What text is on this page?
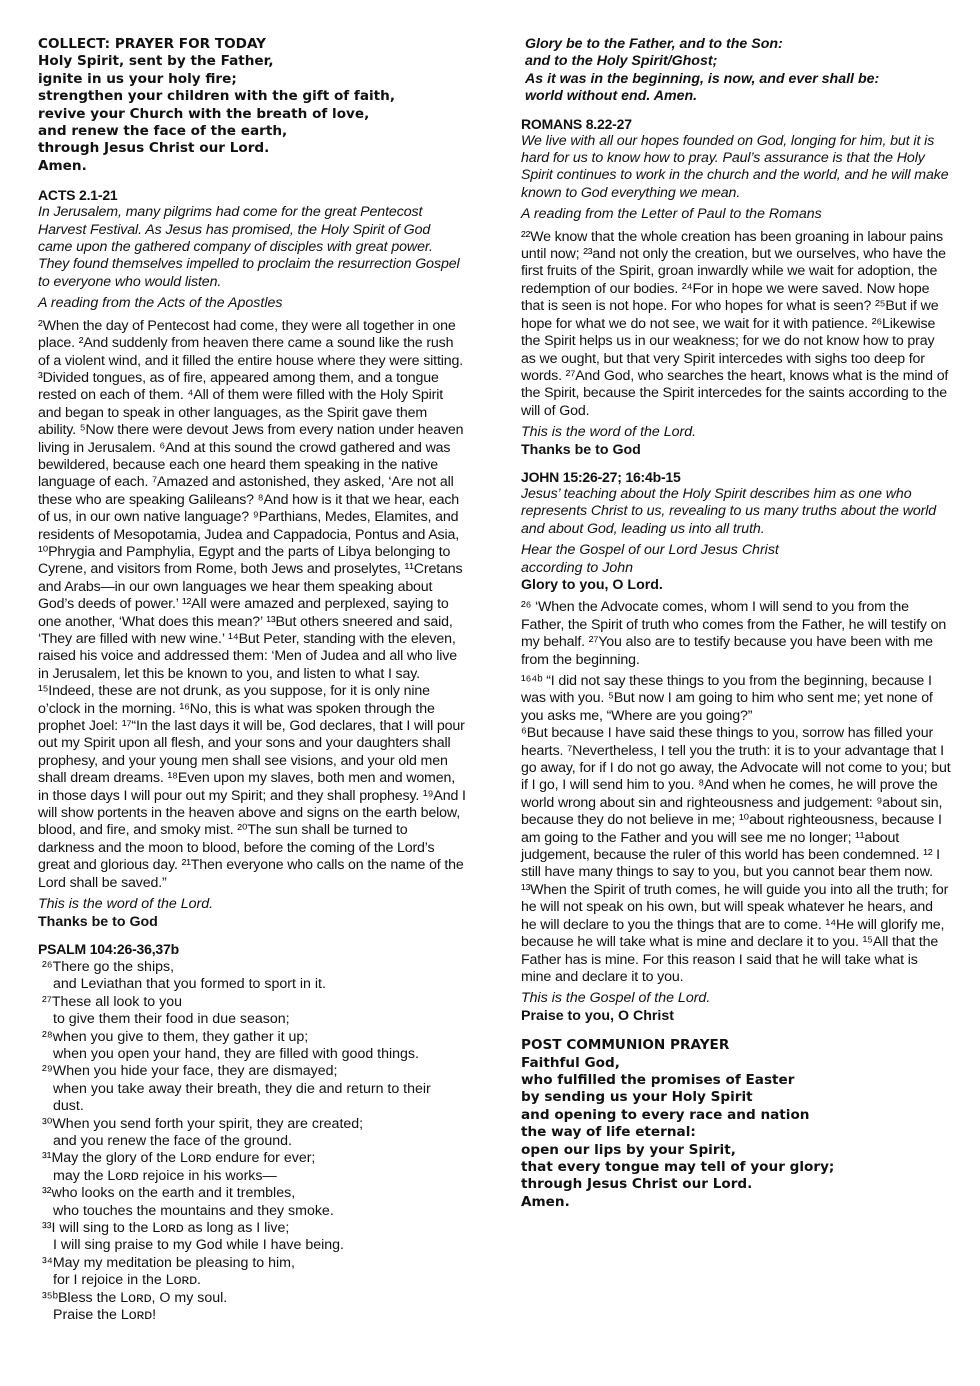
COLLECT: PRAYER FOR TODAY
Holy Spirit, sent by the Father,
ignite in us your holy fire;
strengthen your children with the gift of faith,
revive your Church with the breath of love,
and renew the face of the earth,
through Jesus Christ our Lord.
Amen.
ACTS 2.1-21
In Jerusalem, many pilgrims had come for the great Pentecost Harvest Festival. As Jesus has promised, the Holy Spirit of God came upon the gathered company of disciples with great power. They found themselves impelled to proclaim the resurrection Gospel to everyone who would listen.
A reading from the Acts of the Apostles

²When the day of Pentecost had come, they were all together in one place. ²And suddenly from heaven there came a sound like the rush of a violent wind, and it filled the entire house where they were sitting. ³Divided tongues, as of fire, appeared among them, and a tongue rested on each of them. ⁴All of them were filled with the Holy Spirit and began to speak in other languages, as the Spirit gave them ability. ⁵Now there were devout Jews from every nation under heaven living in Jerusalem. ⁶And at this sound the crowd gathered and was bewildered, because each one heard them speaking in the native language of each. ⁷Amazed and astonished, they asked, ‘Are not all these who are speaking Galileans? ⁸And how is it that we hear, each of us, in our own native language? ⁹Parthians, Medes, Elamites, and residents of Mesopotamia, Judea and Cappadocia, Pontus and Asia, ¹⁰Phrygia and Pamphylia, Egypt and the parts of Libya belonging to Cyrene, and visitors from Rome, both Jews and proselytes, ¹¹Cretans and Arabs—in our own languages we hear them speaking about God’s deeds of power.’ ¹²All were amazed and perplexed, saying to one another, ‘What does this mean?’ ¹³But others sneered and said, ‘They are filled with new wine.’ ¹⁴But Peter, standing with the eleven, raised his voice and addressed them: ‘Men of Judea and all who live in Jerusalem, let this be known to you, and listen to what I say. ¹⁵Indeed, these are not drunk, as you suppose, for it is only nine o’clock in the morning. ¹⁶No, this is what was spoken through the prophet Joel: ¹⁷“In the last days it will be, God declares, that I will pour out my Spirit upon all flesh, and your sons and your daughters shall prophesy, and your young men shall see visions, and your old men shall dream dreams. ¹⁸Even upon my slaves, both men and women, in those days I will pour out my Spirit; and they shall prophesy. ¹⁹And I will show portents in the heaven above and signs on the earth below, blood, and fire, and smoky mist. ²⁰The sun shall be turned to darkness and the moon to blood, before the coming of the Lord’s great and glorious day. ²¹Then everyone who calls on the name of the Lord shall be saved.”

This is the word of the Lord.
Thanks be to God
PSALM 104:26-36,37b
²⁶There go the ships,
and Leviathan that you formed to sport in it.
²⁷These all look to you
to give them their food in due season;
²⁸when you give to them, they gather it up;
when you open your hand, they are filled with good things.
²⁹When you hide your face, they are dismayed;
when you take away their breath, they die and return to their
dust.
³⁰When you send forth your spirit, they are created;
and you renew the face of the ground.
³¹May the glory of the Lᴏʀᴅ endure for ever;
may the Lᴏʀᴅ rejoice in his works—
³²who looks on the earth and it trembles,
who touches the mountains and they smoke.
³³I will sing to the Lᴏʀᴅ as long as I live;
I will sing praise to my God while I have being.
³⁴May my meditation be pleasing to him,
for I rejoice in the Lᴏʀᴅ.
³⁵ᵇBless the Lᴏʀᴅ, O my soul.
Praise the Lᴏʀᴅ!
Glory be to the Father, and to the Son:
and to the Holy Spirit/Ghost;
As it was in the beginning, is now, and ever shall be:
world without end. Amen.
ROMANS 8.22-27
We live with all our hopes founded on God, longing for him, but it is hard for us to know how to pray. Paul’s assurance is that the Holy Spirit continues to work in the church and the world, and he will make known to God everything we mean.
A reading from the Letter of Paul to the Romans

²²We know that the whole creation has been groaning in labour pains until now; ²³and not only the creation, but we ourselves, who have the first fruits of the Spirit, groan inwardly while we wait for adoption, the redemption of our bodies. ²⁴For in hope we were saved. Now hope that is seen is not hope. For who hopes for what is seen? ²⁵But if we hope for what we do not see, we wait for it with patience. ²⁶Likewise the Spirit helps us in our weakness; for we do not know how to pray as we ought, but that very Spirit intercedes with sighs too deep for words. ²⁷And God, who searches the heart, knows what is the mind of the Spirit, because the Spirit intercedes for the saints according to the will of God.

This is the word of the Lord.
Thanks be to God
JOHN 15:26-27; 16:4b-15
Jesus’ teaching about the Holy Spirit describes him as one who represents Christ to us, revealing to us many truths about the world and about God, leading us into all truth.
Hear the Gospel of our Lord Jesus Christ
according to John
Glory to you, O Lord.

²⁶ ‘When the Advocate comes, whom I will send to you from the Father, the Spirit of truth who comes from the Father, he will testify on my behalf. ²⁷You also are to testify because you have been with me from the beginning.

¹⁶⁴ᵇ “I did not say these things to you from the beginning, because I was with you. ⁵But now I am going to him who sent me; yet none of you asks me, “Where are you going?”

⁶But because I have said these things to you, sorrow has filled your hearts. ⁷Nevertheless, I tell you the truth: it is to your advantage that I go away, for if I do not go away, the Advocate will not come to you; but if I go, I will send him to you. ⁸And when he comes, he will prove the world wrong about sin and righteousness and judgement: ⁹about sin, because they do not believe in me; ¹⁰about righteousness, because I am going to the Father and you will see me no longer; ¹¹about judgement, because the ruler of this world has been condemned. ¹² I still have many things to say to you, but you cannot bear them now. ¹³When the Spirit of truth comes, he will guide you into all the truth; for he will not speak on his own, but will speak whatever he hears, and he will declare to you the things that are to come. ¹⁴He will glorify me, because he will take what is mine and declare it to you. ¹⁵All that the Father has is mine. For this reason I said that he will take what is mine and declare it to you.

This is the Gospel of the Lord.
Praise to you, O Christ
POST COMMUNION PRAYER
Faithful God,
who fulfilled the promises of Easter
by sending us your Holy Spirit
and opening to every race and nation
the way of life eternal:
open our lips by your Spirit,
that every tongue may tell of your glory;
through Jesus Christ our Lord.
Amen.
